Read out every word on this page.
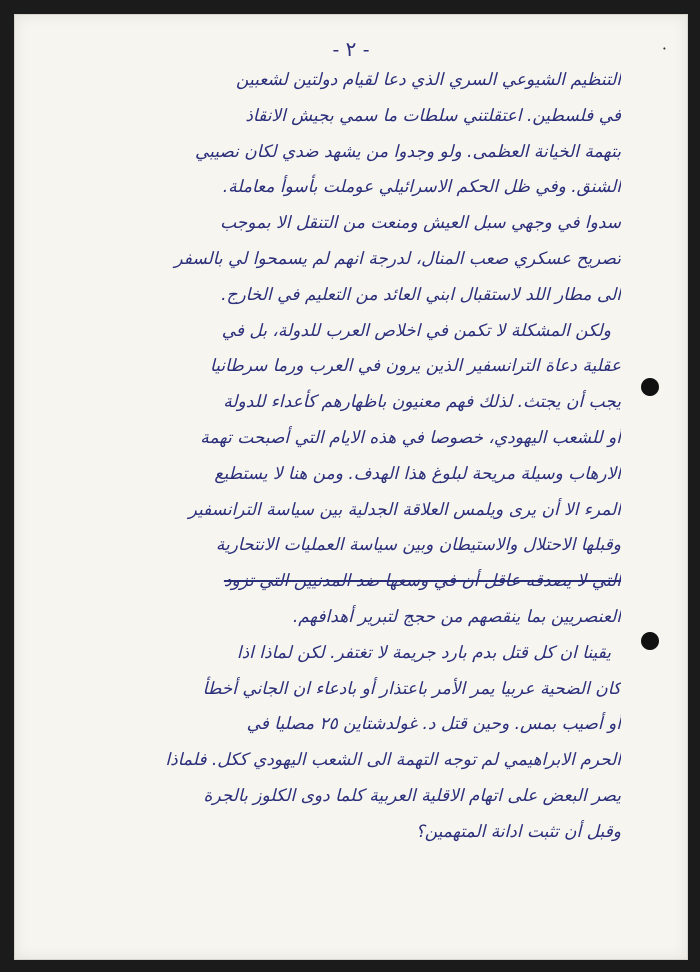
- ٢ -	·
التنظيم الشيوعي السري الذي دعا لقيام دولتين لشعبين
في فلسطين. اعتقلتني سلطات ما سمي بجيش الانقاذ
بتهمة الخيانة العظمى. ولو وجدوا من يشهد ضدي لكان نصيبي
الشنق. وفي ظل الحكم الاسرائيلي عوملت بأسوأ معاملة.
سدوا في وجهي سبل العيش ومنعت من التنقل الا بموجب
تصريح عسكري صعب المنال، لدرجة انهم لم يسمحوا لي بالسفر
الى مطار اللد لاستقبال ابني العائد من التعليم في الخارج.
ولكن المشكلة لا تكمن في اخلاص العرب للدولة، بل في
عقلية دعاة الترانسفير الذين يرون في العرب ورما سرطانيا
يجب أن يجتث. لذلك فهم معنيون باظهارهم كأعداء للدولة
أو للشعب اليهودي، خصوصا في هذه الايام التي أصبحت تهمة
الارهاب وسيلة مريحة لبلوغ هذا الهدف. ومن هنا لا يستطيع
المرء الا أن يرى ويلمس العلاقة الجدلية بين سياسة الترانسفير
وقبلها الاحتلال والاستيطان وبين سياسة العمليات الانتحارية
التي لا يصدقه عاقل أن في وسعها ضد المدنيين التي تزود
العنصريين بما ينقصهم من حجج لتبرير أهدافهم.
يقينا ان كل قتل بدم بارد جريمة لا تغتفر. لكن لماذا اذا
كان الضحية عربيا يمر الأمر باعتذار أو بادعاء ان الجاني أخطأ
أو أصيب بمس. وحين قتل د. غولدشتاين ٢٥ مصليا في
الحرم الابراهيمي لم توجه التهمة الى الشعب اليهودي ككل. فلماذا
يصر البعض على اتهام الاقلية العربية كلما دوى الكلوز بالجرة
وقبل أن تثبت ادانة المتهمين؟
